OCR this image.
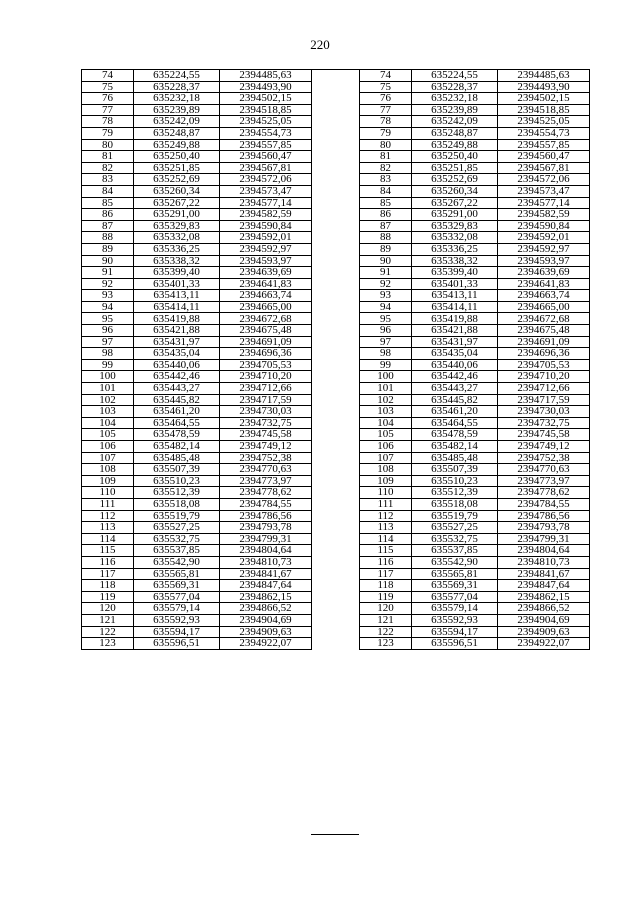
220
74	635224,55	2394485,63
75	635228,37	2394493,90
76	635232,18	2394502,15
77	635239,89	2394518,85
78	635242,09	2394525,05
79	635248,87	2394554,73
80	635249,88	2394557,85
81	635250,40	2394560,47
82	635251,85	2394567,81
83	635252,69	2394572,06
84	635260,34	2394573,47
85	635267,22	2394577,14
86	635291,00	2394582,59
87	635329,83	2394590,84
88	635332,08	2394592,01
89	635336,25	2394592,97
90	635338,32	2394593,97
91	635399,40	2394639,69
92	635401,33	2394641,83
93	635413,11	2394663,74
94	635414,11	2394665,00
95	635419,88	2394672,68
96	635421,88	2394675,48
97	635431,97	2394691,09
98	635435,04	2394696,36
99	635440,06	2394705,53
100	635442,46	2394710,20
101	635443,27	2394712,66
102	635445,82	2394717,59
103	635461,20	2394730,03
104	635464,55	2394732,75
105	635478,59	2394745,58
106	635482,14	2394749,12
107	635485,48	2394752,38
108	635507,39	2394770,63
109	635510,23	2394773,97
110	635512,39	2394778,62
111	635518,08	2394784,55
112	635519,79	2394786,56
113	635527,25	2394793,78
114	635532,75	2394799,31
115	635537,85	2394804,64
116	635542,90	2394810,73
117	635565,81	2394841,67
118	635569,31	2394847,64
119	635577,04	2394862,15
120	635579,14	2394866,52
121	635592,93	2394904,69
122	635594,17	2394909,63
123	635596,51	2394922,07
74	635224,55	2394485,63
75	635228,37	2394493,90
76	635232,18	2394502,15
77	635239,89	2394518,85
78	635242,09	2394525,05
79	635248,87	2394554,73
80	635249,88	2394557,85
81	635250,40	2394560,47
82	635251,85	2394567,81
83	635252,69	2394572,06
84	635260,34	2394573,47
85	635267,22	2394577,14
86	635291,00	2394582,59
87	635329,83	2394590,84
88	635332,08	2394592,01
89	635336,25	2394592,97
90	635338,32	2394593,97
91	635399,40	2394639,69
92	635401,33	2394641,83
93	635413,11	2394663,74
94	635414,11	2394665,00
95	635419,88	2394672,68
96	635421,88	2394675,48
97	635431,97	2394691,09
98	635435,04	2394696,36
99	635440,06	2394705,53
100	635442,46	2394710,20
101	635443,27	2394712,66
102	635445,82	2394717,59
103	635461,20	2394730,03
104	635464,55	2394732,75
105	635478,59	2394745,58
106	635482,14	2394749,12
107	635485,48	2394752,38
108	635507,39	2394770,63
109	635510,23	2394773,97
110	635512,39	2394778,62
111	635518,08	2394784,55
112	635519,79	2394786,56
113	635527,25	2394793,78
114	635532,75	2394799,31
115	635537,85	2394804,64
116	635542,90	2394810,73
117	635565,81	2394841,67
118	635569,31	2394847,64
119	635577,04	2394862,15
120	635579,14	2394866,52
121	635592,93	2394904,69
122	635594,17	2394909,63
123	635596,51	2394922,07
